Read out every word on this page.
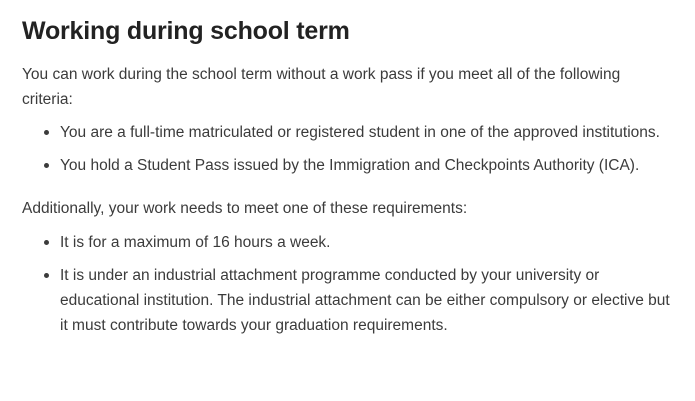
Working during school term

You can work during the school term without a work pass if you meet all of the following criteria:

You are a full-time matriculated or registered student in one of the approved institutions.
You hold a Student Pass issued by the Immigration and Checkpoints Authority (ICA).

Additionally, your work needs to meet one of these requirements:

It is for a maximum of 16 hours a week.
It is under an industrial attachment programme conducted by your university or educational institution. The industrial attachment can be either compulsory or elective but it must contribute towards your graduation requirements.
